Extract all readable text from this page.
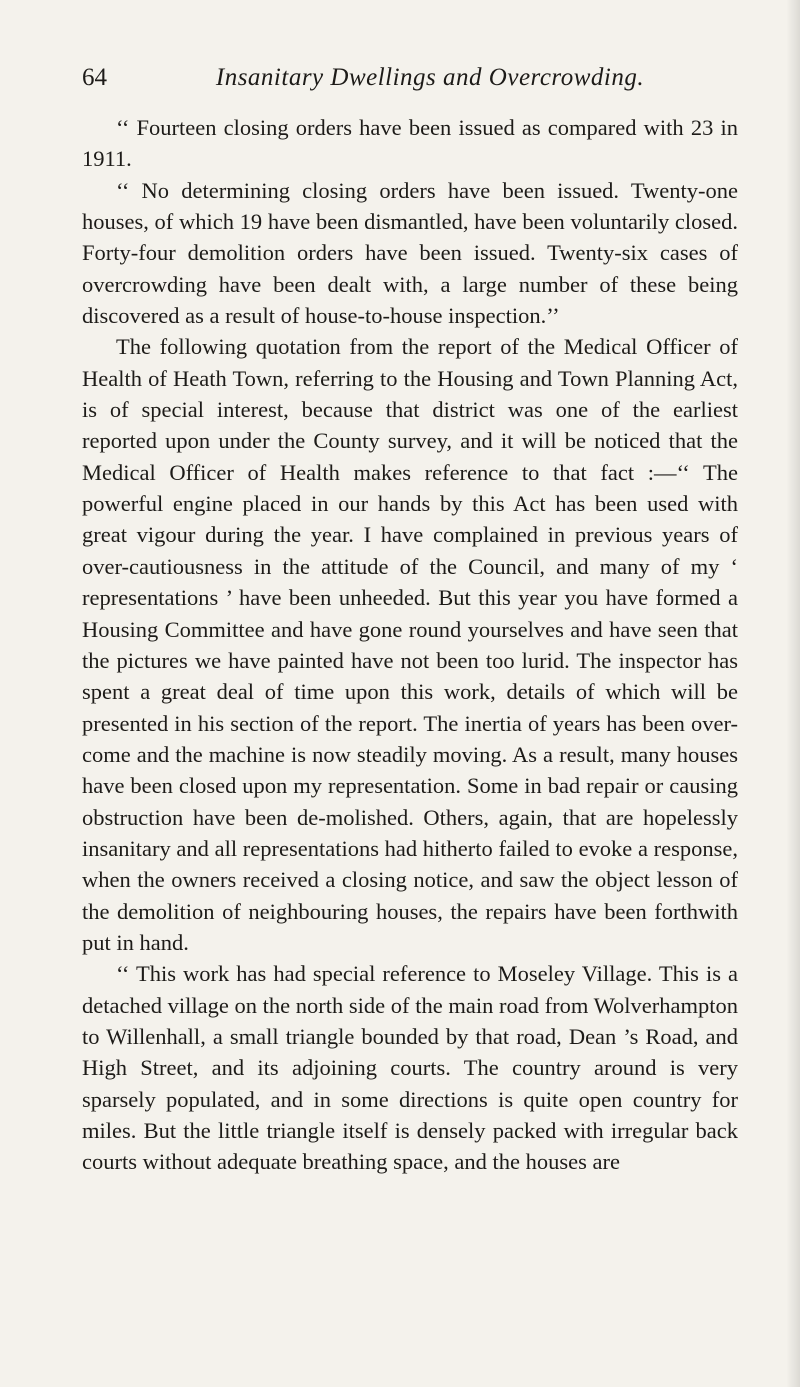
64	Insanitary Dwellings and Overcrowding.

‘‘ Fourteen closing orders have been issued as compared with 23 in 1911.

‘‘ No determining closing orders have been issued. Twenty-one houses, of which 19 have been dismantled, have been voluntarily closed. Forty-four demolition orders have been issued. Twenty-six cases of overcrowding have been dealt with, a large number of these being discovered as a result of house-to-house inspection.’’

The following quotation from the report of the Medical Officer of Health of Heath Town, referring to the Housing and Town Planning Act, is of special interest, because that district was one of the earliest reported upon under the County survey, and it will be noticed that the Medical Officer of Health makes reference to that fact :—‘‘ The powerful engine placed in our hands by this Act has been used with great vigour during the year. I have complained in previous years of over-cautiousness in the attitude of the Council, and many of my ‘ representations ’ have been unheeded. But this year you have formed a Housing Committee and have gone round yourselves and have seen that the pictures we have painted have not been too lurid. The inspector has spent a great deal of time upon this work, details of which will be presented in his section of the report. The inertia of years has been over-come and the machine is now steadily moving. As a result, many houses have been closed upon my representation. Some in bad repair or causing obstruction have been de-molished. Others, again, that are hopelessly insanitary and all representations had hitherto failed to evoke a response, when the owners received a closing notice, and saw the object lesson of the demolition of neighbouring houses, the repairs have been forthwith put in hand.

‘‘ This work has had special reference to Moseley Village. This is a detached village on the north side of the main road from Wolverhampton to Willenhall, a small triangle bounded by that road, Dean ’s Road, and High Street, and its adjoining courts. The country around is very sparsely populated, and in some directions is quite open country for miles. But the little triangle itself is densely packed with irregular back courts without adequate breathing space, and the houses are
